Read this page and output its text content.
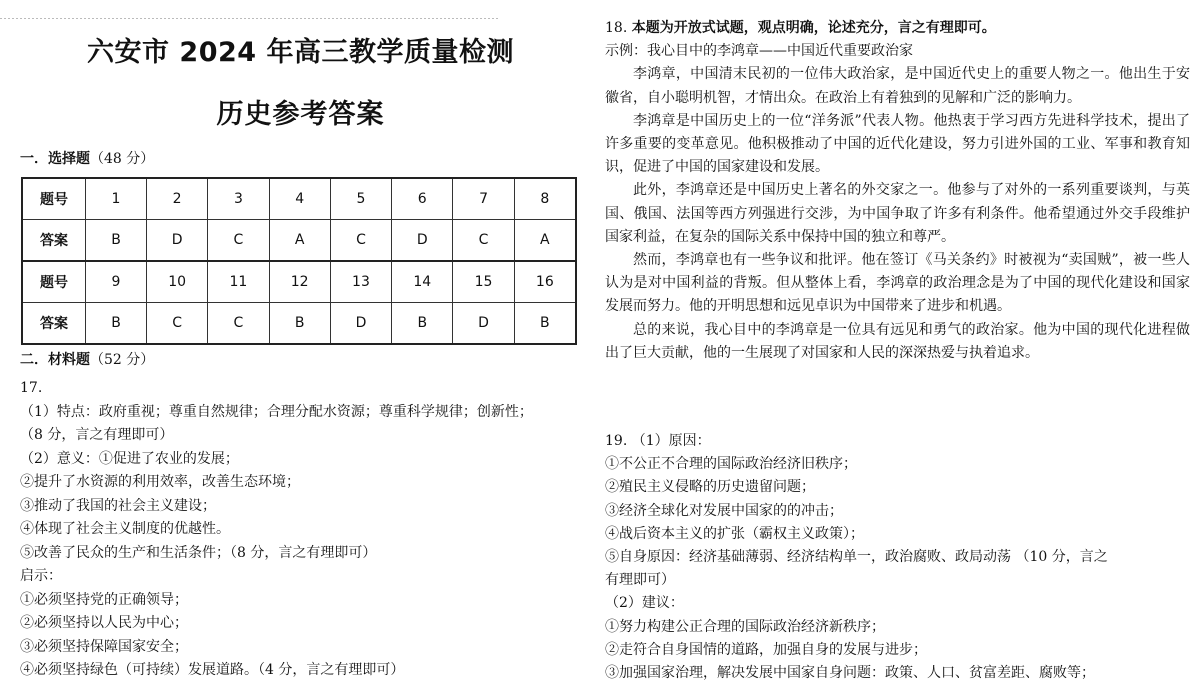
六安市 2024 年高三教学质量检测
历史参考答案
一．选择题（48 分）
题号	1	2	3	4	5	6	7	8
答案	B	D	C	A	C	D	C	A
题号	9	10	11	12	13	14	15	16
答案	B	C	C	B	D	B	D	B
二．材料题（52 分）
17.
（1）特点：政府重视；尊重自然规律；合理分配水资源；尊重科学规律；创新性；
（8 分，言之有理即可）
（2）意义：①促进了农业的发展；
②提升了水资源的利用效率，改善生态环境；
③推动了我国的社会主义建设；
④体现了社会主义制度的优越性。
⑤改善了民众的生产和生活条件；（8 分，言之有理即可）
启示：
①必须坚持党的正确领导；
②必须坚持以人民为中心；
③必须坚持保障国家安全；
④必须坚持绿色（可持续）发展道路。（4 分，言之有理即可）
18. 本题为开放式试题，观点明确，论述充分，言之有理即可。
示例：我心目中的李鸿章——中国近代重要政治家
李鸿章，中国清末民初的一位伟大政治家，是中国近代史上的重要人物之一。他出生于安徽省，自小聪明机智，才情出众。在政治上有着独到的见解和广泛的影响力。
李鸿章是中国历史上的一位“洋务派”代表人物。他热衷于学习西方先进科学技术，提出了许多重要的变革意见。他积极推动了中国的近代化建设，努力引进外国的工业、军事和教育知识，促进了中国的国家建设和发展。
此外，李鸿章还是中国历史上著名的外交家之一。他参与了对外的一系列重要谈判，与英国、俄国、法国等西方列强进行交涉，为中国争取了许多有利条件。他希望通过外交手段维护国家利益，在复杂的国际关系中保持中国的独立和尊严。
然而，李鸿章也有一些争议和批评。他在签订《马关条约》时被视为“卖国贼”，被一些人认为是对中国利益的背叛。但从整体上看，李鸿章的政治理念是为了中国的现代化建设和国家发展而努力。他的开明思想和远见卓识为中国带来了进步和机遇。
总的来说，我心目中的李鸿章是一位具有远见和勇气的政治家。他为中国的现代化进程做出了巨大贡献，他的一生展现了对国家和人民的深深热爱与执着追求。
19. （1）原因：
①不公正不合理的国际政治经济旧秩序；
②殖民主义侵略的历史遗留问题；
③经济全球化对发展中国家的的冲击；
④战后资本主义的扩张（霸权主义政策）；
⑤自身原因：经济基础薄弱、经济结构单一，政治腐败、政局动荡 （10 分，言之
有理即可）
（2）建议：
①努力构建公正合理的国际政治经济新秩序；
②走符合自身国情的道路，加强自身的发展与进步；
③加强国家治理，解决发展中国家自身问题：政策、人口、贫富差距、腐败等；
